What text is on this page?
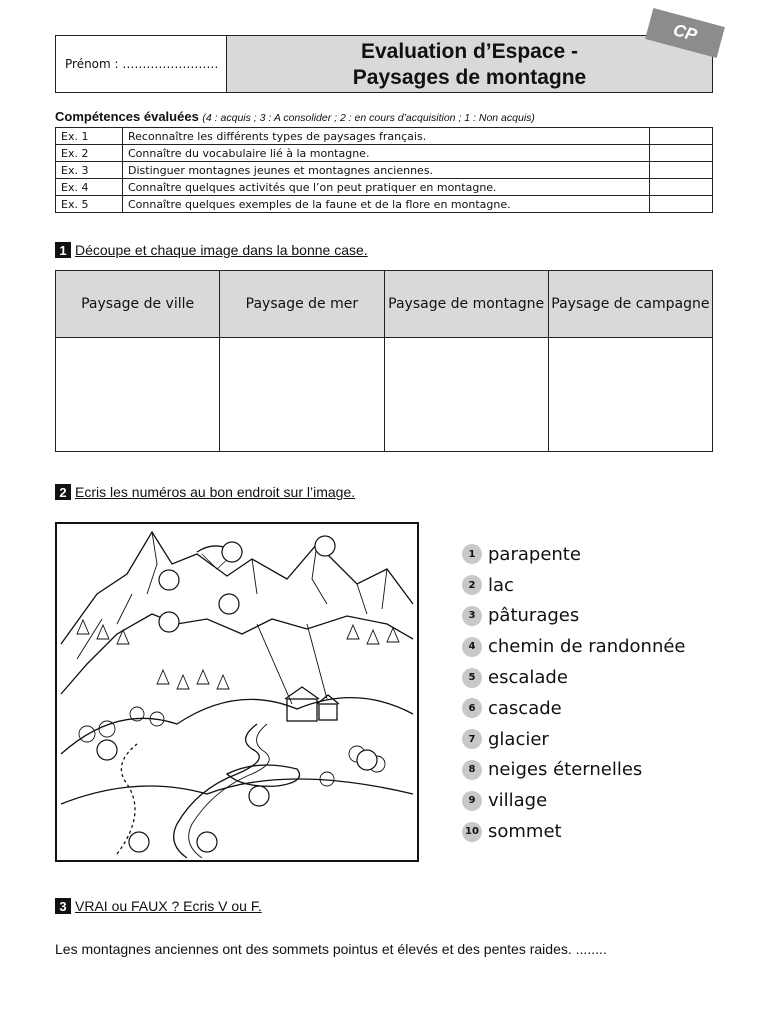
Prénom : ……………………
Evaluation d’Espace -
Paysages de montagne
CP
Compétences évaluées (4 : acquis ; 3 : A consolider ; 2 : en cours d’acquisition ; 1 : Non acquis)
Ex. 1	Reconnaître les différents types de paysages français.	
Ex. 2	Connaître du vocabulaire lié à la montagne.	
Ex. 3	Distinguer montagnes jeunes et montagnes anciennes.	
Ex. 4	Connaître quelques activités que l’on peut pratiquer en montagne.	
Ex. 5	Connaître quelques exemples de la faune et de la flore en montagne.	
1 Découpe et chaque image dans la bonne case.
Paysage de ville	Paysage de mer	Paysage de montagne	Paysage de campagne

2 Ecris les numéros au bon endroit sur l’image.
1 parapente
2 lac
3 pâturages
4 chemin de randonnée
5 escalade
6 cascade
7 glacier
8 neiges éternelles
9 village
10 sommet
3 VRAI ou FAUX ? Ecris V ou F.
Les montagnes anciennes ont des sommets pointus et élevés et des pentes raides. ........
